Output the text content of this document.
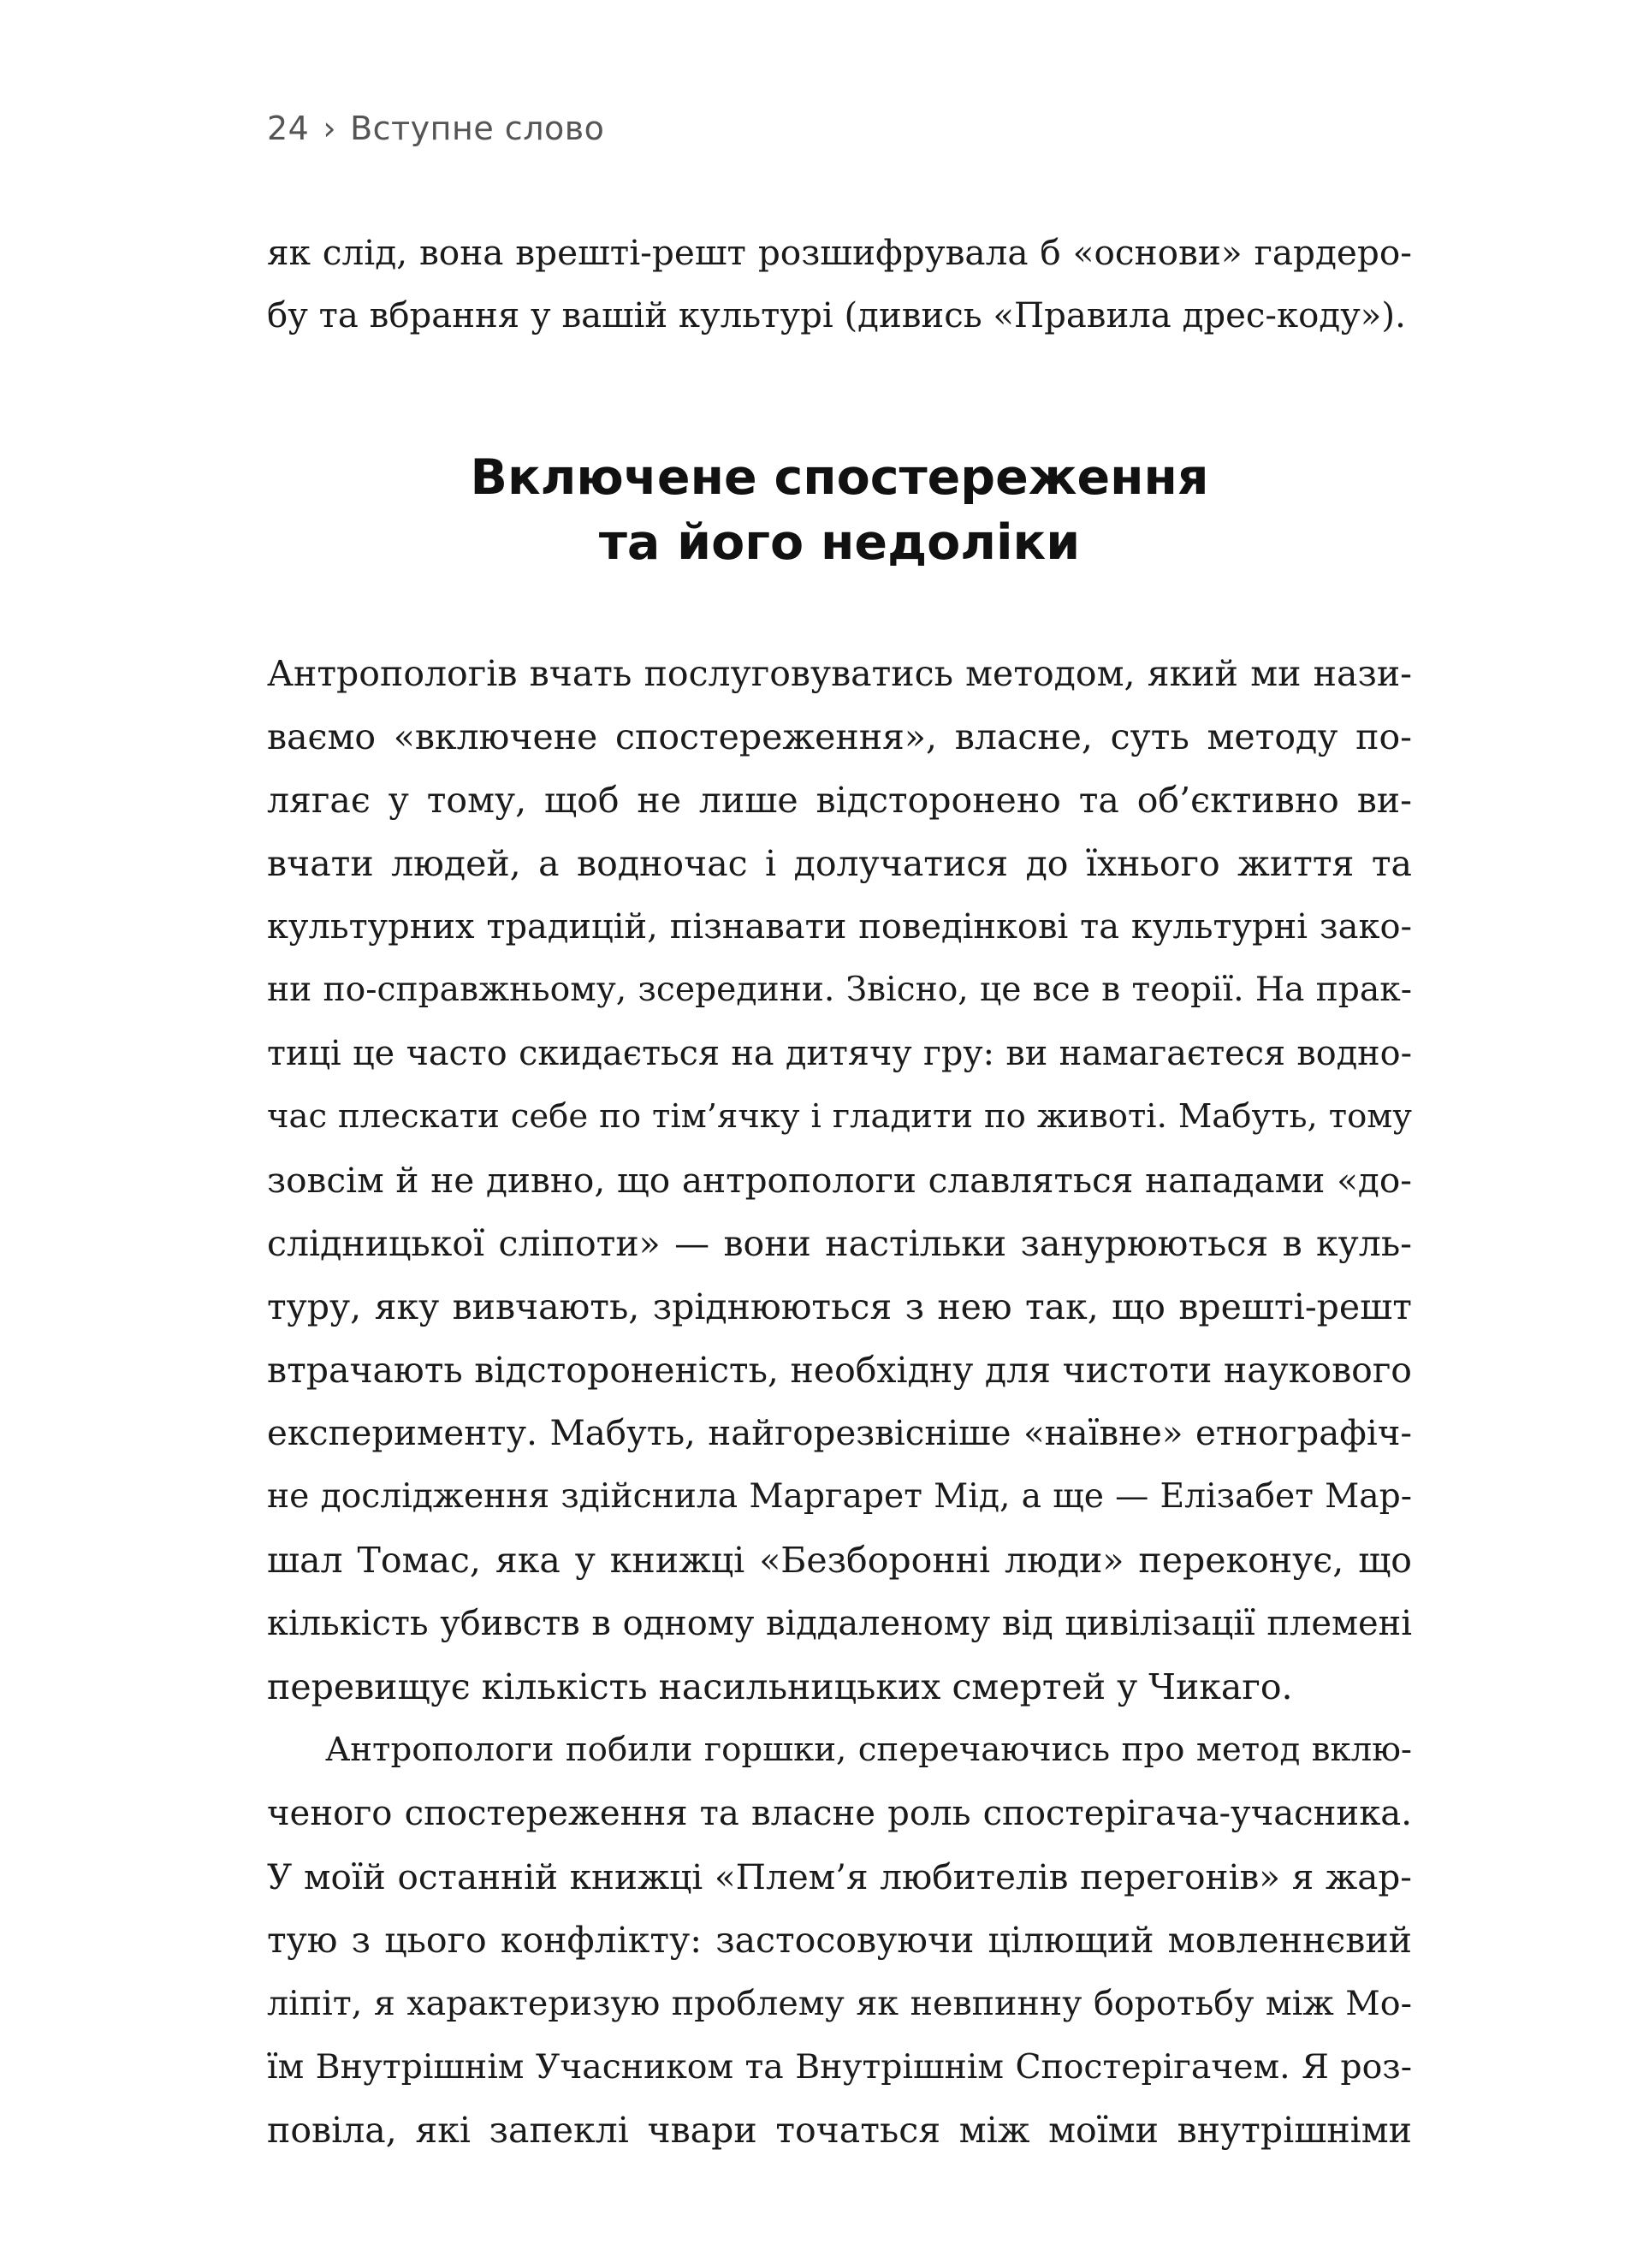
24 › Вступне слово
як слід, вона врешті-решт розшифрувала б «основи» гардеро-
бу та вбрання у вашій культурі (дивись «Правила дрес-коду»).
Включене спостереження
та його недоліки
Антропологів вчать послуговуватись методом, який ми нази-
ваємо «включене спостереження», власне, суть методу по-
лягає у тому, щоб не лише відсторонено та об’єктивно ви-
вчати людей, а водночас і долучатися до їхнього життя та
культурних традицій, пізнавати поведінкові та культурні зако-
ни по-справжньому, зсередини. Звісно, це все в теорії. На прак-
тиці це часто скидається на дитячу гру: ви намагаєтеся водно-
час плескати себе по тім’ячку і гладити по животі. Мабуть, тому
зовсім й не дивно, що антропологи славляться нападами «до-
слідницької сліпоти» — вони настільки занурюються в куль-
туру, яку вивчають, зріднюються з нею так, що врешті-решт
втрачають відстороненість, необхідну для чистоти наукового
експерименту. Мабуть, найгорезвісніше «наївне» етнографіч-
не дослідження здійснила Маргарет Мід, а ще — Елізабет Мар-
шал Томас, яка у книжці «Безборонні люди» переконує, що
кількість убивств в одному віддаленому від цивілізації племені
перевищує кількість насильницьких смертей у Чикаго.
Антропологи побили горшки, сперечаючись про метод вклю-
ченого спостереження та власне роль спостерігача-учасника.
У моїй останній книжці «Плем’я любителів перегонів» я жар-
тую з цього конфлікту: застосовуючи цілющий мовленнєвий
ліпіт, я характеризую проблему як невпинну боротьбу між Мо-
їм Внутрішнім Учасником та Внутрішнім Спостерігачем. Я роз-
повіла, які запеклі чвари точаться між моїми внутрішніми
